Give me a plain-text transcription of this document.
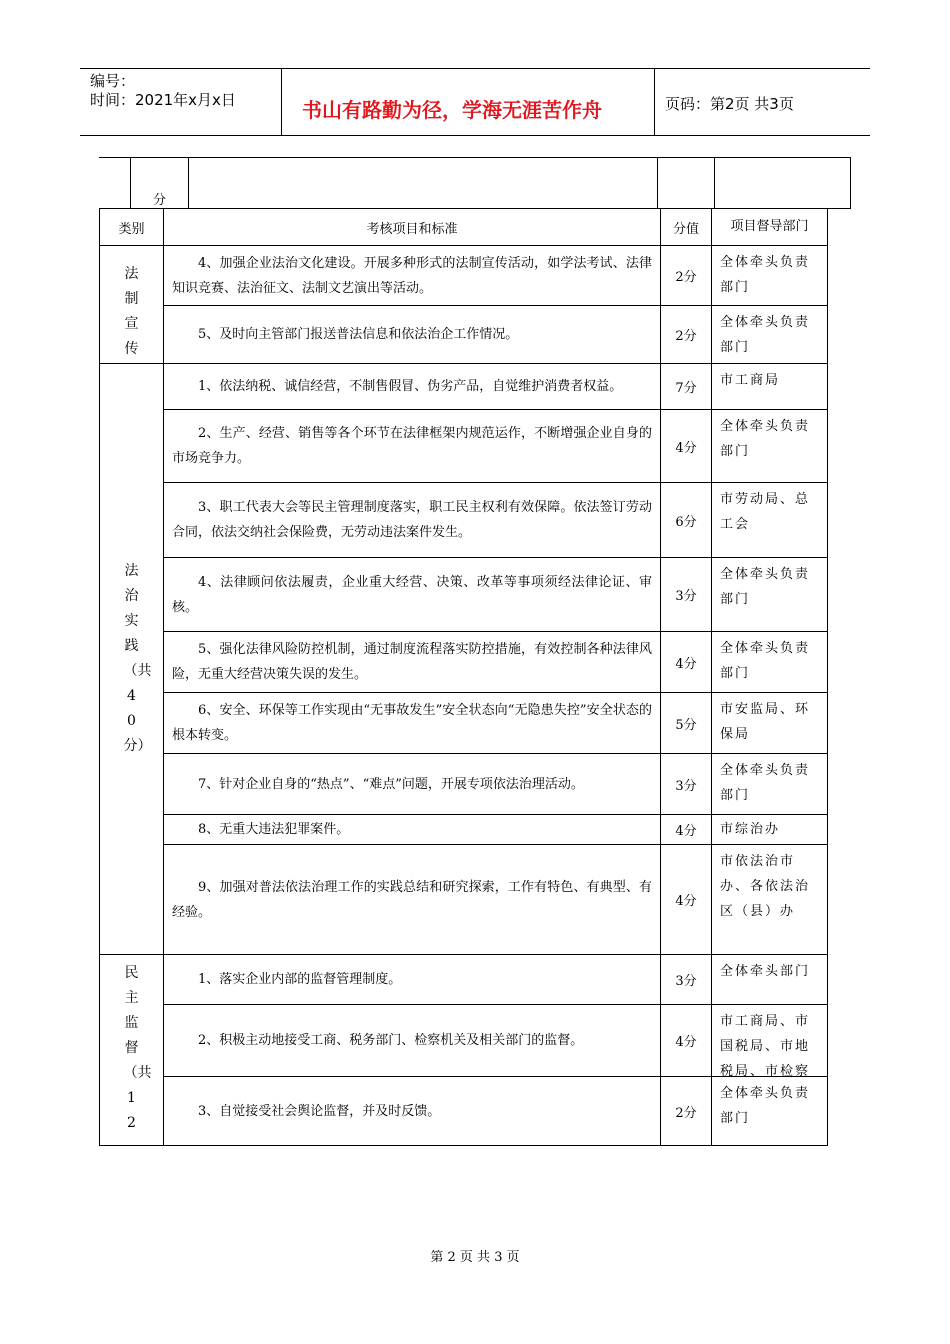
编号：
时间：2021年x月x日	书山有路勤为径，学海无涯苦作舟	页码：第2页 共3页
分
类别	考核项目和标准	分值	项目督导部门

法制宣传	4、加强企业法治文化建设。开展多种形式的法制宣传活动，如学法考试、法律知识竞赛、法治征文、法制文艺演出等活动。	2分	全体牵头负责部门
	5、及时向主管部门报送普法信息和依法治企工作情况。	2分	全体牵头负责部门

法治实践（共40分）	1、依法纳税、诚信经营，不制售假冒、伪劣产品，自觉维护消费者权益。	7分	市工商局
	2、生产、经营、销售等各个环节在法律框架内规范运作，不断增强企业自身的市场竞争力。	4分	全体牵头负责部门
	3、职工代表大会等民主管理制度落实，职工民主权利有效保障。依法签订劳动合同，依法交纳社会保险费，无劳动违法案件发生。	6分	市劳动局、总工会
	4、法律顾问依法履责，企业重大经营、决策、改革等事项须经法律论证、审核。	3分	全体牵头负责部门
	5、强化法律风险防控机制，通过制度流程落实防控措施，有效控制各种法律风险，无重大经营决策失误的发生。	4分	全体牵头负责部门
	6、安全、环保等工作实现由“无事故发生”安全状态向“无隐患失控”安全状态的根本转变。	5分	市安监局、环保局
	7、针对企业自身的“热点”、“难点”问题，开展专项依法治理活动。	3分	全体牵头负责部门
	8、无重大违法犯罪案件。	4分	市综治办
	9、加强对普法依法治理工作的实践总结和研究探索，工作有特色、有典型、有经验。	4分	市依法治市办、各依法治区（县）办

民主监督（共12	1、落实企业内部的监督管理制度。	3分	全体牵头部门
	2、积极主动地接受工商、税务部门、检察机关及相关部门的监督。	4分	市工商局、市国税局、市地税局、市检察

	3、自觉接受社会舆论监督，并及时反馈。	2分	全体牵头负责部门
第 2 页 共 3 页
